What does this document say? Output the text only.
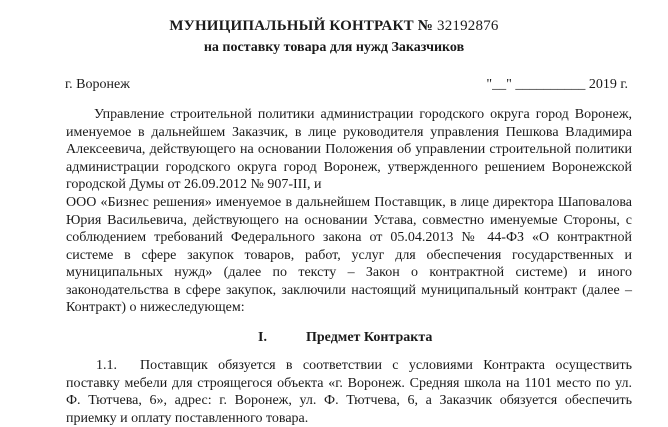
МУНИЦИПАЛЬНЫЙ КОНТРАКТ № 32192876
на поставку товара для нужд Заказчиков
г. Воронеж	"__" __________ 2019 г.
Управление строительной политики администрации городского округа город Воронеж, именуемое в дальнейшем Заказчик, в лице руководителя управления Пешкова Владимира Алексеевича, действующего на основании Положения об управлении строительной политики администрации городского округа город Воронеж, утвержденного решением Воронежской городской Думы от 26.09.2012 № 907-III, и
ООО «Бизнес решения» именуемое в дальнейшем Поставщик, в лице директора Шаповалова Юрия Васильевича, действующего на основании Устава, совместно именуемые Стороны, с соблюдением требований Федерального закона от 05.04.2013 № 44-ФЗ «О контрактной системе в сфере закупок товаров, работ, услуг для обеспечения государственных и муниципальных нужд» (далее по тексту – Закон о контрактной системе) и иного законодательства в сфере закупок, заключили настоящий муниципальный контракт (далее – Контракт) о нижеследующем:
I.	Предмет Контракта
1.1. Поставщик обязуется в соответствии с условиями Контракта осуществить поставку мебели для строящегося объекта «г. Воронеж. Средняя школа на 1101 место по ул. Ф. Тютчева, 6», адрес: г. Воронеж, ул. Ф. Тютчева, 6, а Заказчик обязуется обеспечить приемку и оплату поставленного товара.
